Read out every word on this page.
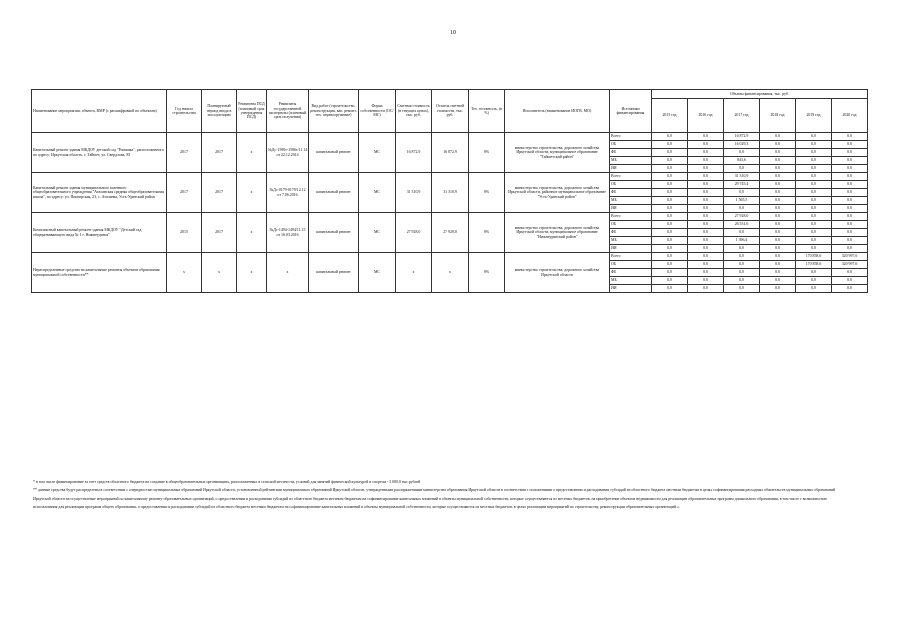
10
Наименование мероприятия, объекта, ВМР (с расшифровкой по объектам)	Год начала строительства	Планируемый период ввода в эксплуатацию	Реквизиты ПСД (плановый срок утверждения ПСД)	Реквизиты государственной экспертизы (плановый срок получения)	Вид работ (строительство, реконструкция, кап. ремонт, тех. перевооружение)	Форма собственности (ОС/МС)	Сметная стоимость (в текущих ценах), тыс. руб.	Остаток сметной стоимости, тыс. руб.	Тех. готовность, (в %)	Исполнитель (наименование ИОГВ, МО)	Источники финансирования	Объемы финансирования, тыс. руб.					
												2015 год	2016 год	2017 год	2018 год	2019 год	2020 год
Капитальный ремонт здания МКДОУ детский сад "Ромашка", расположенного по адресу: Иркутская область, г. Тайшет, ул. Свердлова, 85	2017	2017	х	№Дс-1590т-1586т/11.14 от 22.12.2014	капитальный ремонт	МС	16 872,9	16 872,9	0%	министерство строительства, дорожного хозяйства Иркутской области, муниципальное образование "Тайшетский район"	Всего	0,0	0,0	16 872,9	0,0	0,0	0,0
											ОБ	0,0	0,0	16 029,3	0,0	0,0	0,0
											ФБ	0,0	0,0	0,0	0,0	0,0	0,0
											МБ	0,0	0,0	843,6	0,0	0,0	0,0
											ИИ	0,0	0,0	0,0	0,0	0,0	0,0
Капитальный ремонт здания муниципального казенного общеобразовательного учреждения "Аталанская средняя общеобразовательная школа", по адресу: ул. Пионерская, 23, с. Аталанка, Усть-Удинский район	2017	2017	х	№Дс-0179-0179/12.12 от 7.06.2016	капитальный ремонт	МС	31 310,9	31 310,9	0%	министерство строительства, дорожного хозяйства Иркутской области, районное муниципальное образование "Усть-Удинский район"	Всего	0,0	0,0	31 310,9	0,0	0,0	0,0
											ОБ	0,0	0,0	29 745,4	0,0	0,0	0,0
											ФБ	0,0	0,0	0,0	0,0	0,0	0,0
											МБ	0,0	0,0	1 565,5	0,0	0,0	0,0
											ИИ	0,0	0,0	0,0	0,0	0,0	0,0
Комплексный капитальный ремонт здания МКДОУ "Детский сад общеразвивающего вида № 1 г. Нижнеудинск"	2015	2017	х	№Дс-1494-1494/11.15 от 16.03.2016	капитальный ремонт	МС	27 928,0	27 928,0	0%	министерство строительства, дорожного хозяйства Иркутской области, муниципальное образование "Нижнеудинский район"	Всего	0,0	0,0	27 928,0	0,0	0,0	0,0
											ОБ	0,0	0,0	26 531,6	0,0	0,0	0,0
											ФБ	0,0	0,0	0,0	0,0	0,0	0,0
											МБ	0,0	0,0	1 396,4	0,0	0,0	0,0
											ИИ	0,0	0,0	0,0	0,0	0,0	0,0
Нераспределенные средства на капитальные ремонты объектов образования муниципальной собственности**	х	х	х	х	капитальный ремонт	МС	х	х	0%	министерство строительства, дорожного хозяйства Иркутской области	Всего	0,0	0,0	0,0	0,0	170 858,6	320 997,6
											ОБ	0,0	0,0	0,0	0,0	170 858,6	320 997,6
											ФБ	0,0	0,0	0,0	0,0	0,0	0,0
											МБ	0,0	0,0	0,0	0,0	0,0	0,0
											ИИ	0,0	0,0	0,0	0,0	0,0	0,0

* в том числе финансирование за счет средств областного бюджета на создание в общеобразовательных организациях, расположенных в сельской местности, условий для занятий физической культурой и спортом - 3 000,0 тыс.рублей

** данные средства будут распределены в соответствии с очередностью муниципальных образований Иркутской области, установленной рейтингами муниципальных образований Иркутской области, утвержденными распоряжениями министерства образования Иркутской области в соответствии с положениями о предоставлении и расходовании субсидий из областного бюджета местным бюджетам в целях софинансирования расходных обязательств муниципальных образований Иркутской области на осуществление мероприятий по капитальному ремонту образовательных организаций, о предоставлении и расходовании субсидий из областного бюджета местным бюджетам на софинансирование капитальных вложений в объекты муниципальной собственности, которые осуществляются из местных бюджетов, на приобретение объектов недвижимости для реализации образовательных программ дошкольного образования, в том числе с возможностью использования для реализации программ общего образования, о предоставлении и расходовании субсидий из областного бюджета местным бюджетам на софинансирование капитальных вложений в объекты муниципальной собственности, которые осуществляются из местных бюджетов, в целях реализации мероприятий по строительству, реконструкции образовательных организаций.».
